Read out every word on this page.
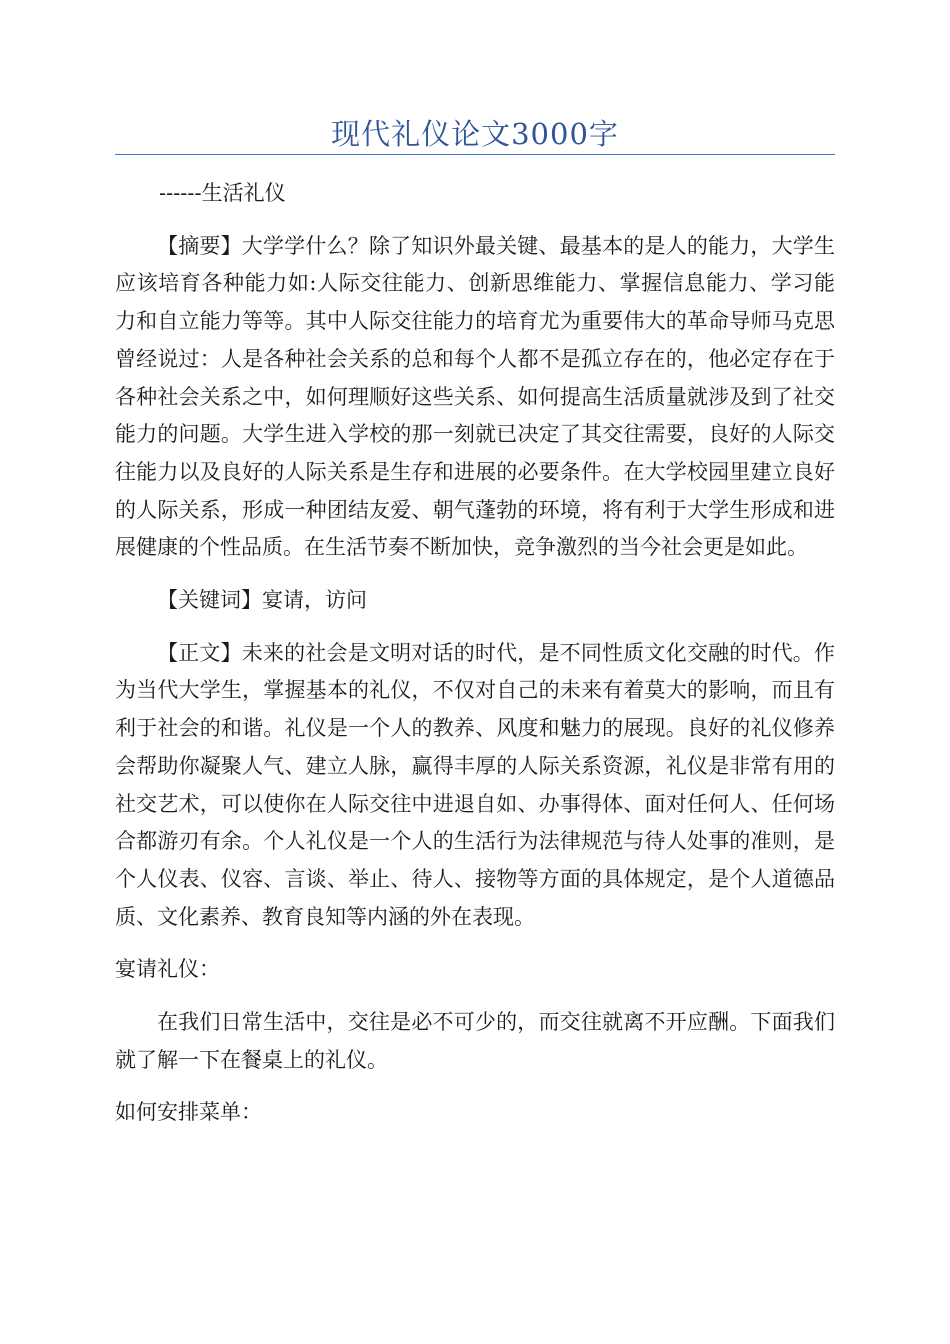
现代礼仪论文3000字

------生活礼仪

【摘要】大学学什么？除了知识外最关键、最基本的是人的能力，大学生应该培育各种能力如:人际交往能力、创新思维能力、掌握信息能力、学习能力和自立能力等等。其中人际交往能力的培育尤为重要伟大的革命导师马克思曾经说过：人是各种社会关系的总和每个人都不是孤立存在的，他必定存在于各种社会关系之中，如何理顺好这些关系、如何提高生活质量就涉及到了社交能力的问题。大学生进入学校的那一刻就已决定了其交往需要，良好的人际交往能力以及良好的人际关系是生存和进展的必要条件。在大学校园里建立良好的人际关系，形成一种团结友爱、朝气蓬勃的环境，将有利于大学生形成和进展健康的个性品质。在生活节奏不断加快，竞争激烈的当今社会更是如此。

【关键词】宴请，访问

【正文】未来的社会是文明对话的时代，是不同性质文化交融的时代。作为当代大学生，掌握基本的礼仪，不仅对自己的未来有着莫大的影响，而且有利于社会的和谐。礼仪是一个人的教养、风度和魅力的展现。良好的礼仪修养会帮助你凝聚人气、建立人脉，赢得丰厚的人际关系资源，礼仪是非常有用的社交艺术，可以使你在人际交往中进退自如、办事得体、面对任何人、任何场合都游刃有余。个人礼仪是一个人的生活行为法律规范与待人处事的准则，是个人仪表、仪容、言谈、举止、待人、接物等方面的具体规定，是个人道德品质、文化素养、教育良知等内涵的外在表现。

宴请礼仪：

在我们日常生活中，交往是必不可少的，而交往就离不开应酬。下面我们就了解一下在餐桌上的礼仪。

如何安排菜单：
